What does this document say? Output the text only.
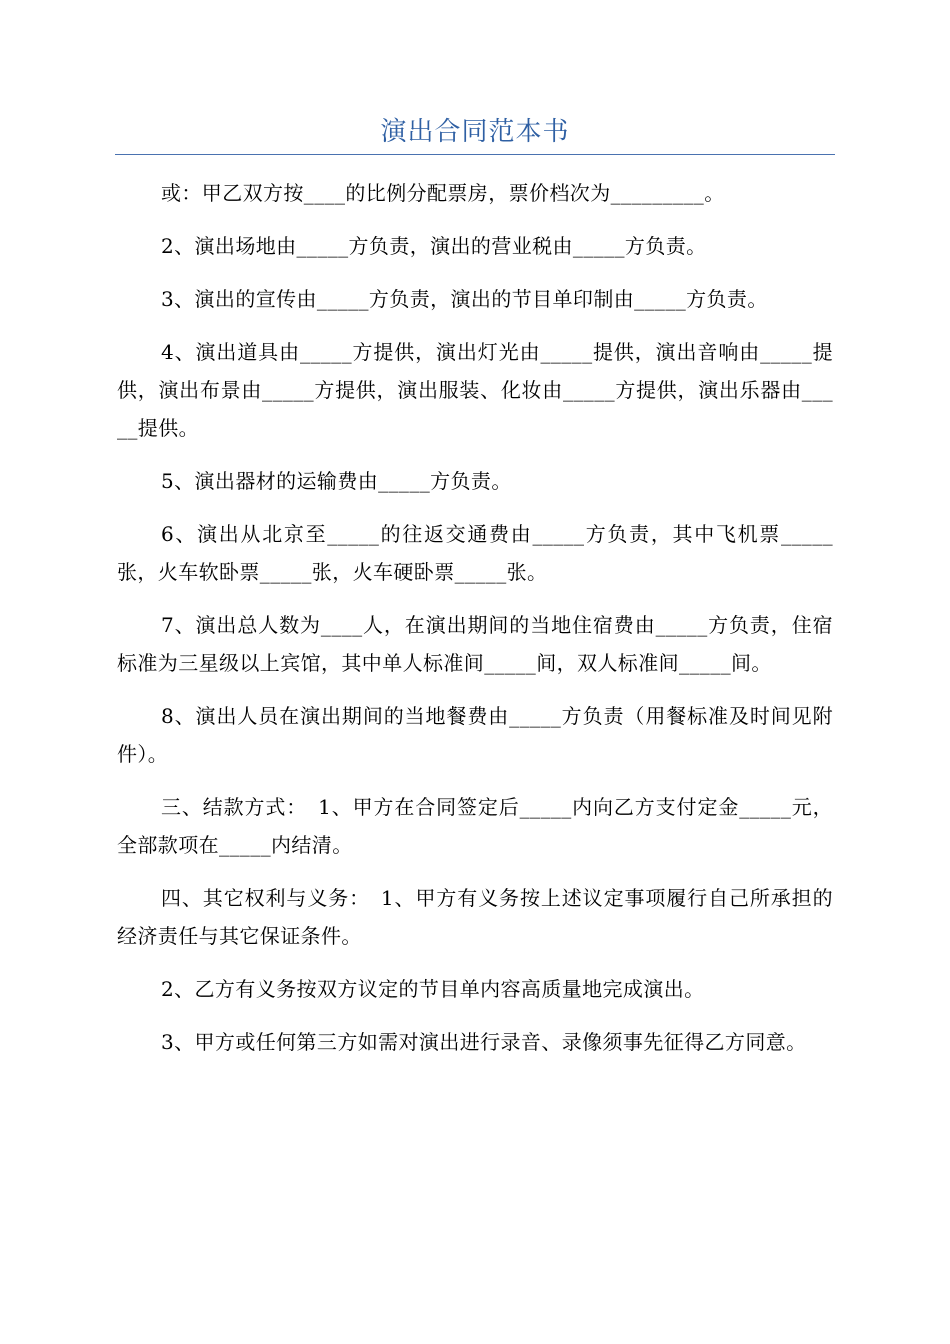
演出合同范本书

或：甲乙双方按____的比例分配票房，票价档次为_________。

2、演出场地由_____方负责，演出的营业税由_____方负责。

3、演出的宣传由_____方负责，演出的节目单印制由_____方负责。

4、演出道具由_____方提供，演出灯光由_____提供，演出音响由_____提供，演出布景由_____方提供，演出服装、化妆由_____方提供，演出乐器由_____提供。

5、演出器材的运输费由_____方负责。

6、演出从北京至_____的往返交通费由_____方负责，其中飞机票_____张，火车软卧票_____张，火车硬卧票_____张。

7、演出总人数为____人，在演出期间的当地住宿费由_____方负责，住宿标准为三星级以上宾馆，其中单人标准间_____间，双人标准间_____间。

8、演出人员在演出期间的当地餐费由_____方负责（用餐标准及时间见附件）。

三、结款方式：　1、甲方在合同签定后_____内向乙方支付定金_____元，全部款项在_____内结清。

四、其它权利与义务：　1、甲方有义务按上述议定事项履行自己所承担的经济责任与其它保证条件。

2、乙方有义务按双方议定的节目单内容高质量地完成演出。

3、甲方或任何第三方如需对演出进行录音、录像须事先征得乙方同意。
